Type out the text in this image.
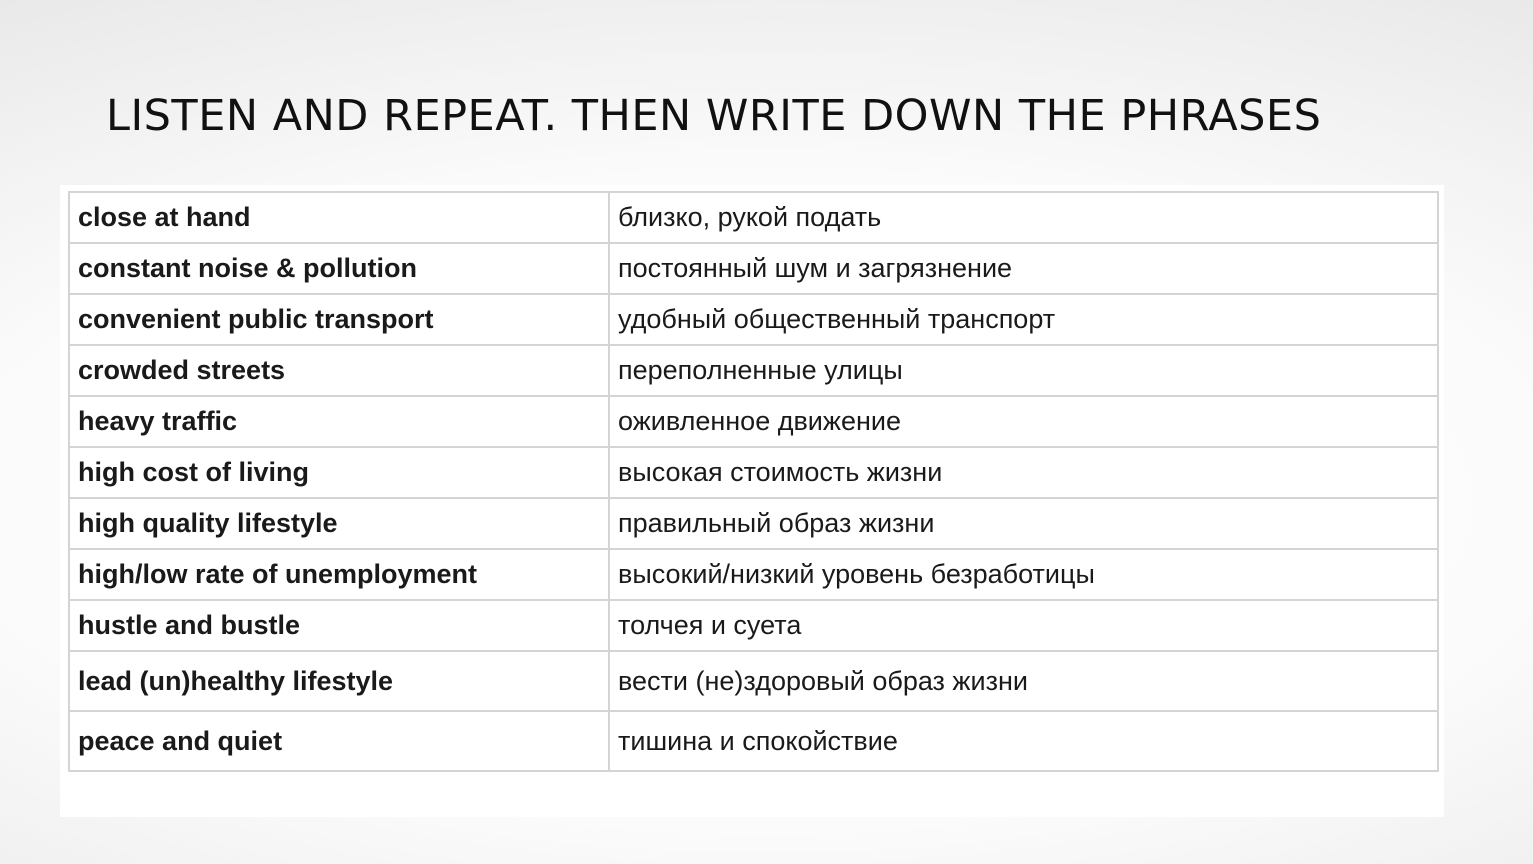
LISTEN AND REPEAT. THEN WRITE DOWN THE PHRASES
close at hand	близко, рукой подать
constant noise & pollution	постоянный шум и загрязнение
convenient public transport	удобный общественный транспорт
crowded streets	переполненные улицы
heavy traffic	оживленное движение
high cost of living	высокая стоимость жизни
high quality lifestyle	правильный образ жизни
high/low rate of unemployment	высокий/низкий уровень безработицы
hustle and bustle	толчея и суета
lead (un)healthy lifestyle	вести (не)здоровый образ жизни
peace and quiet	тишина и спокойствие
